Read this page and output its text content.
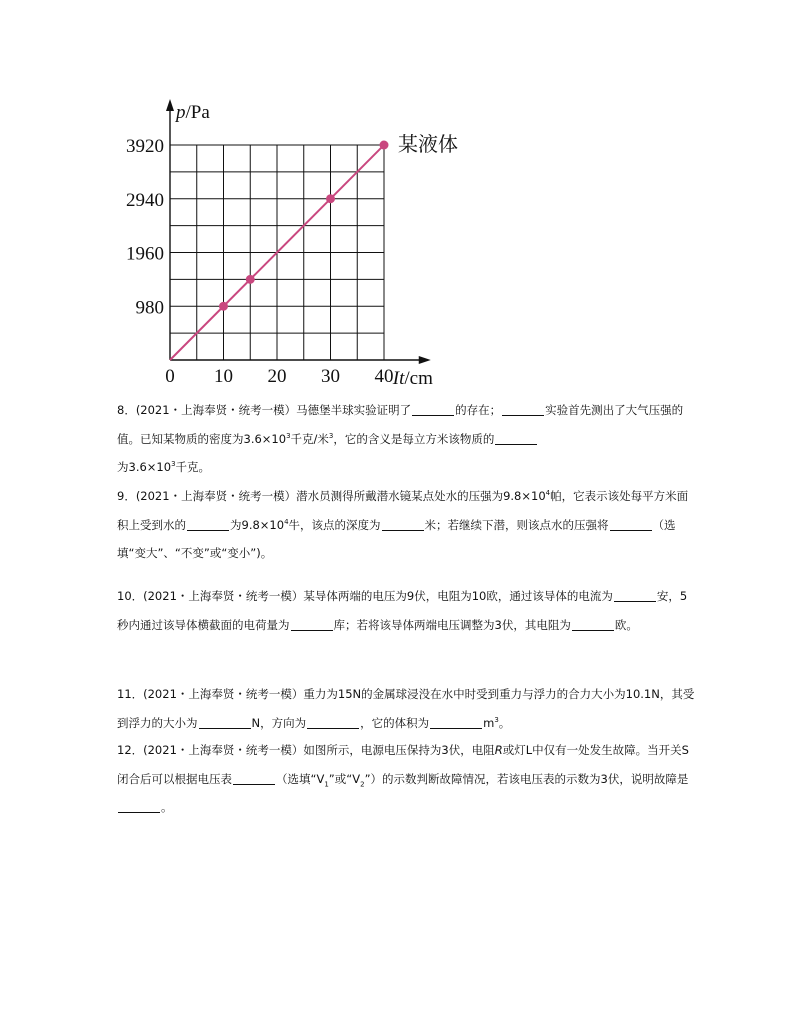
0 10 20 30 40
980
1960
2940
3920
p/Pa
It/cm
某液体
8．(2021・上海奉贤・统考一模）马德堡半球实验证明了	的存在；	实验首先测出了大气压强的值。已知某物质的密度为$3.6\times 10^3$千克/米$^3$，它的含义是每立方米该物质的
为$3.6\times 10^3$千克。
9．(2021・上海奉贤・统考一模）潜水员测得所戴潜水镜某点处水的压强为$9.8\times 10^4$帕，它表示该处每平方米面积上受到水的	为$9.8\times 10^4$牛，该点的深度为	米；若继续下潜，则该点水的压强将	（选填“变大”、“不变”或“变小”)。
10．(2021・上海奉贤・统考一模）某导体两端的电压为9伏，电阻为10欧，通过该导体的电流为	安，5秒内通过该导体横截面的电荷量为	库；若将该导体两端电压调整为3伏，其电阻为	欧。
11．(2021・上海奉贤・统考一模）重力为15N的金属球浸没在水中时受到重力与浮力的合力大小为10.1N，其受到浮力的大小为	N，方向为	，它的体积为	$m^3$。
12．(2021・上海奉贤・统考一模）如图所示，电源电压保持为3伏，电阻R或灯L中仅有一处发生故障。当开关S闭合后可以根据电压表	（选填“$V_1$”或“$V_2$”）的示数判断故障情况，若该电压表的示数为3伏，说明故障是。
